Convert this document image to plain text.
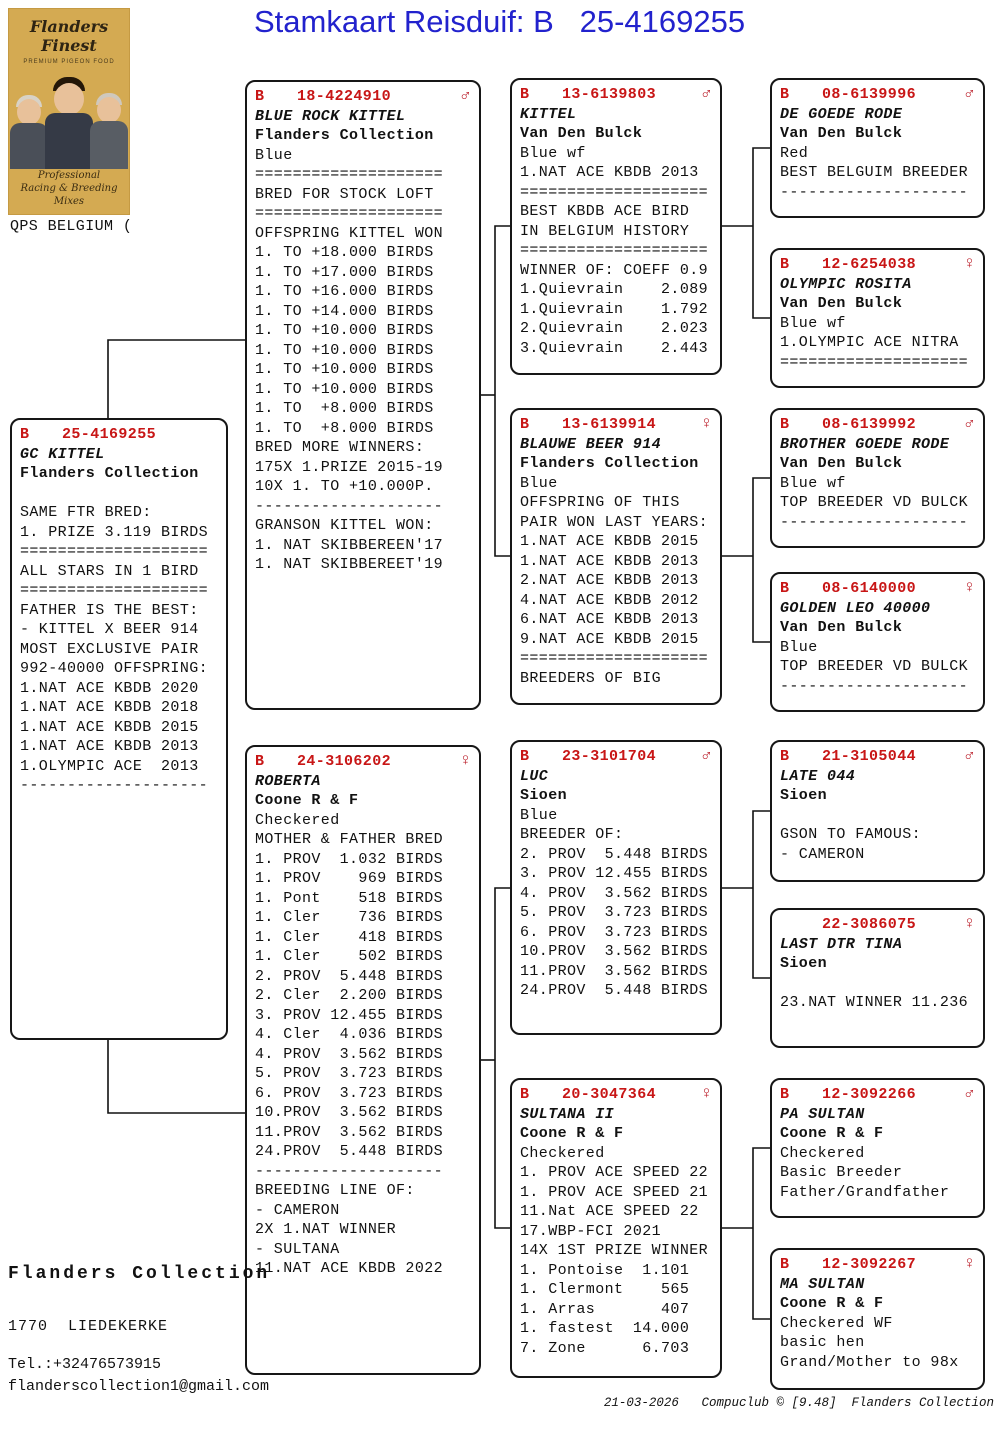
Stamkaart Reisduif: B   25-4169255
Flanders Finest
PREMIUM PIGEON FOOD
Professional
Racing & Breeding Mixes
QPS BELGIUM (
B	25-4169255
GC KITTEL
Flanders Collection

SAME FTR BRED:
1. PRIZE 3.119 BIRDS
====================
ALL STARS IN 1 BIRD
====================
FATHER IS THE BEST:
- KITTEL X BEER 914
MOST EXCLUSIVE PAIR
992-40000 OFFSPRING:
1.NAT ACE KBDB 2020
1.NAT ACE KBDB 2018
1.NAT ACE KBDB 2015
1.NAT ACE KBDB 2013
1.OLYMPIC ACE  2013
--------------------
B	18-4224910	♂
BLUE ROCK KITTEL
Flanders Collection
Blue
====================
BRED FOR STOCK LOFT
====================
OFFSPRING KITTEL WON
1. TO +18.000 BIRDS
1. TO +17.000 BIRDS
1. TO +16.000 BIRDS
1. TO +14.000 BIRDS
1. TO +10.000 BIRDS
1. TO +10.000 BIRDS
1. TO +10.000 BIRDS
1. TO +10.000 BIRDS
1. TO  +8.000 BIRDS
1. TO  +8.000 BIRDS
BRED MORE WINNERS:
175X 1.PRIZE 2015-19
10X 1. TO +10.000P.
--------------------
GRANSON KITTEL WON:
1. NAT SKIBBEREEN'17
1. NAT SKIBBEREET'19
B	24-3106202	♀
ROBERTA
Coone R & F
Checkered
MOTHER & FATHER BRED
1. PROV  1.032 BIRDS
1. PROV    969 BIRDS
1. Pont    518 BIRDS
1. Cler    736 BIRDS
1. Cler    418 BIRDS
1. Cler    502 BIRDS
2. PROV  5.448 BIRDS
2. Cler  2.200 BIRDS
3. PROV 12.455 BIRDS
4. Cler  4.036 BIRDS
4. PROV  3.562 BIRDS
5. PROV  3.723 BIRDS
6. PROV  3.723 BIRDS
10.PROV  3.562 BIRDS
11.PROV  3.562 BIRDS
24.PROV  5.448 BIRDS
--------------------
BREEDING LINE OF:
- CAMERON
2X 1.NAT WINNER
- SULTANA
11.NAT ACE KBDB 2022
B	13-6139803	♂
KITTEL
Van Den Bulck
Blue wf
1.NAT ACE KBDB 2013
====================
BEST KBDB ACE BIRD
IN BELGIUM HISTORY
====================
WINNER OF: COEFF 0.9
1.Quievrain    2.089
1.Quievrain    1.792
2.Quievrain    2.023
3.Quievrain    2.443
B	13-6139914	♀
BLAUWE BEER 914
Flanders Collection
Blue
OFFSPRING OF THIS
PAIR WON LAST YEARS:
1.NAT ACE KBDB 2015
1.NAT ACE KBDB 2013
2.NAT ACE KBDB 2013
4.NAT ACE KBDB 2012
6.NAT ACE KBDB 2013
9.NAT ACE KBDB 2015
====================
BREEDERS OF BIG
B	23-3101704	♂
LUC
Sioen
Blue
BREEDER OF:
2. PROV  5.448 BIRDS
3. PROV 12.455 BIRDS
4. PROV  3.562 BIRDS
5. PROV  3.723 BIRDS
6. PROV  3.723 BIRDS
10.PROV  3.562 BIRDS
11.PROV  3.562 BIRDS
24.PROV  5.448 BIRDS
B	20-3047364	♀
SULTANA II
Coone R & F
Checkered
1. PROV ACE SPEED 22
1. PROV ACE SPEED 21
11.Nat ACE SPEED 22
17.WBP-FCI 2021
14X 1ST PRIZE WINNER
1. Pontoise  1.101
1. Clermont    565
1. Arras       407
1. fastest  14.000
7. Zone      6.703
B	08-6139996	♂
DE GOEDE RODE
Van Den Bulck
Red
BEST BELGUIM BREEDER
--------------------
B	12-6254038	♀
OLYMPIC ROSITA
Van Den Bulck
Blue wf
1.OLYMPIC ACE NITRA
====================
B	08-6139992	♂
BROTHER GOEDE RODE
Van Den Bulck
Blue wf
TOP BREEDER VD BULCK
--------------------
B	08-6140000	♀
GOLDEN LEO 40000
Van Den Bulck
Blue
TOP BREEDER VD BULCK
--------------------
B	21-3105044	♂
LATE 044
Sioen

GSON TO FAMOUS:
- CAMERON

22-3086075	♀
LAST DTR TINA
Sioen

23.NAT WINNER 11.236
B	12-3092266	♂
PA SULTAN
Coone R & F
Checkered
Basic Breeder
Father/Grandfather
B	12-3092267	♀
MA SULTAN
Coone R & F
Checkered WF
basic hen
Grand/Mother to 98x
Flanders Collection
1770  LIEDEKERKE
Tel.:+32476573915
flanderscollection1@gmail.com
21-03-2026   Compuclub © [9.48]  Flanders Collection
